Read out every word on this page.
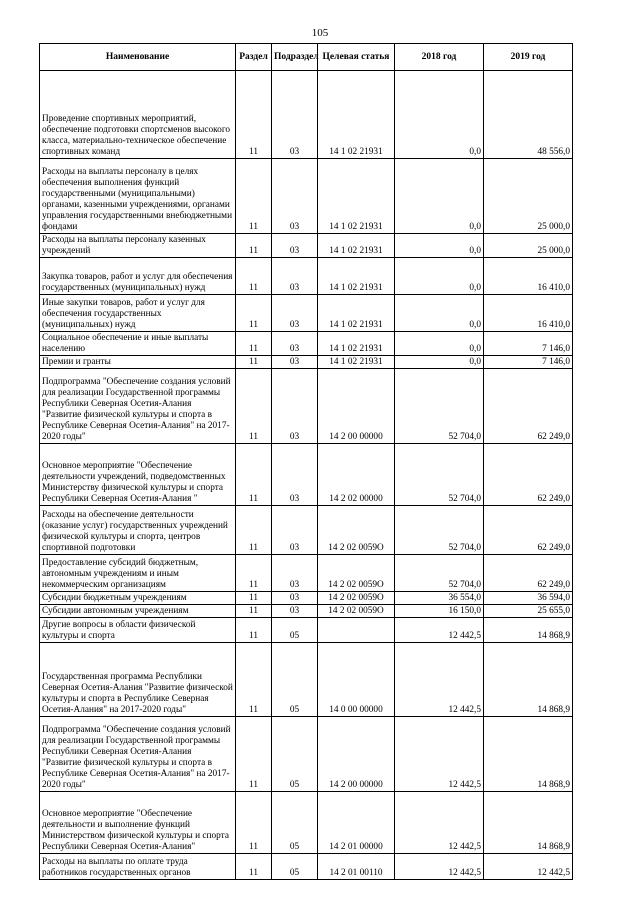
105
Наименование	Раздел	Подраздел	Целевая статья	2018 год	2019 год
Проведение спортивных мероприятий, обеспечение подготовки спортсменов высокого класса, материально-техническое обеспечение спортивных команд	11	03	14 1 02 21931	0,0	48 556,0
Расходы на выплаты персоналу в целях обеспечения выполнения функций государственными (муниципальными) органами, казенными учреждениями, органами управления государственными внебюджетными фондами	11	03	14 1 02 21931	0,0	25 000,0
Расходы на выплаты персоналу казенных учреждений	11	03	14 1 02 21931	0,0	25 000,0
Закупка товаров, работ и услуг для обеспечения государственных (муниципальных) нужд	11	03	14 1 02 21931	0,0	16 410,0
Иные закупки товаров, работ и услуг для обеспечения государственных (муниципальных) нужд	11	03	14 1 02 21931	0,0	16 410,0
Социальное обеспечение и иные выплаты населению	11	03	14 1 02 21931	0,0	7 146,0
Премии и гранты	11	03	14 1 02 21931	0,0	7 146,0
Подпрограмма "Обеспечение создания условий для реализации Государственной программы Республики Северная Осетия-Алания "Развитие физической культуры и спорта в Республике Северная Осетия-Алания" на 2017-2020 годы"	11	03	14 2 00 00000	52 704,0	62 249,0
Основное мероприятие "Обеспечение деятельности учреждений, подведомственных Министерству физической культуры и спорта Республики Северная Осетия-Алания "	11	03	14 2 02 00000	52 704,0	62 249,0
Расходы на обеспечение деятельности (оказание услуг) государственных учреждений физической культуры и спорта, центров спортивной подготовки	11	03	14 2 02 0059О	52 704,0	62 249,0
Предоставление субсидий бюджетным, автономным учреждениям и иным некоммерческим организациям	11	03	14 2 02 0059О	52 704,0	62 249,0
Субсидии бюджетным учреждениям	11	03	14 2 02 0059О	36 554,0	36 594,0
Субсидии автономным учреждениям	11	03	14 2 02 0059О	16 150,0	25 655,0
Другие вопросы в области физической культуры и спорта	11	05		12 442,5	14 868,9
Государственная программа Республики Северная Осетия-Алания "Развитие физической культуры и спорта в Республике Северная Осетия-Алания" на 2017-2020 годы"	11	05	14 0 00 00000	12 442,5	14 868,9
Подпрограмма "Обеспечение создания условий для реализации Государственной программы Республики Северная Осетия-Алания "Развитие физической культуры и спорта в Республике Северная Осетия-Алания" на 2017-2020 годы"	11	05	14 2 00 00000	12 442,5	14 868,9
Основное мероприятие "Обеспечение деятельности и выполнение функций Министерством физической культуры и спорта Республики Северная Осетия-Алания"	11	05	14 2 01 00000	12 442,5	14 868,9
Расходы на выплаты по оплате труда работников государственных органов	11	05	14 2 01 00110	12 442,5	12 442,5
